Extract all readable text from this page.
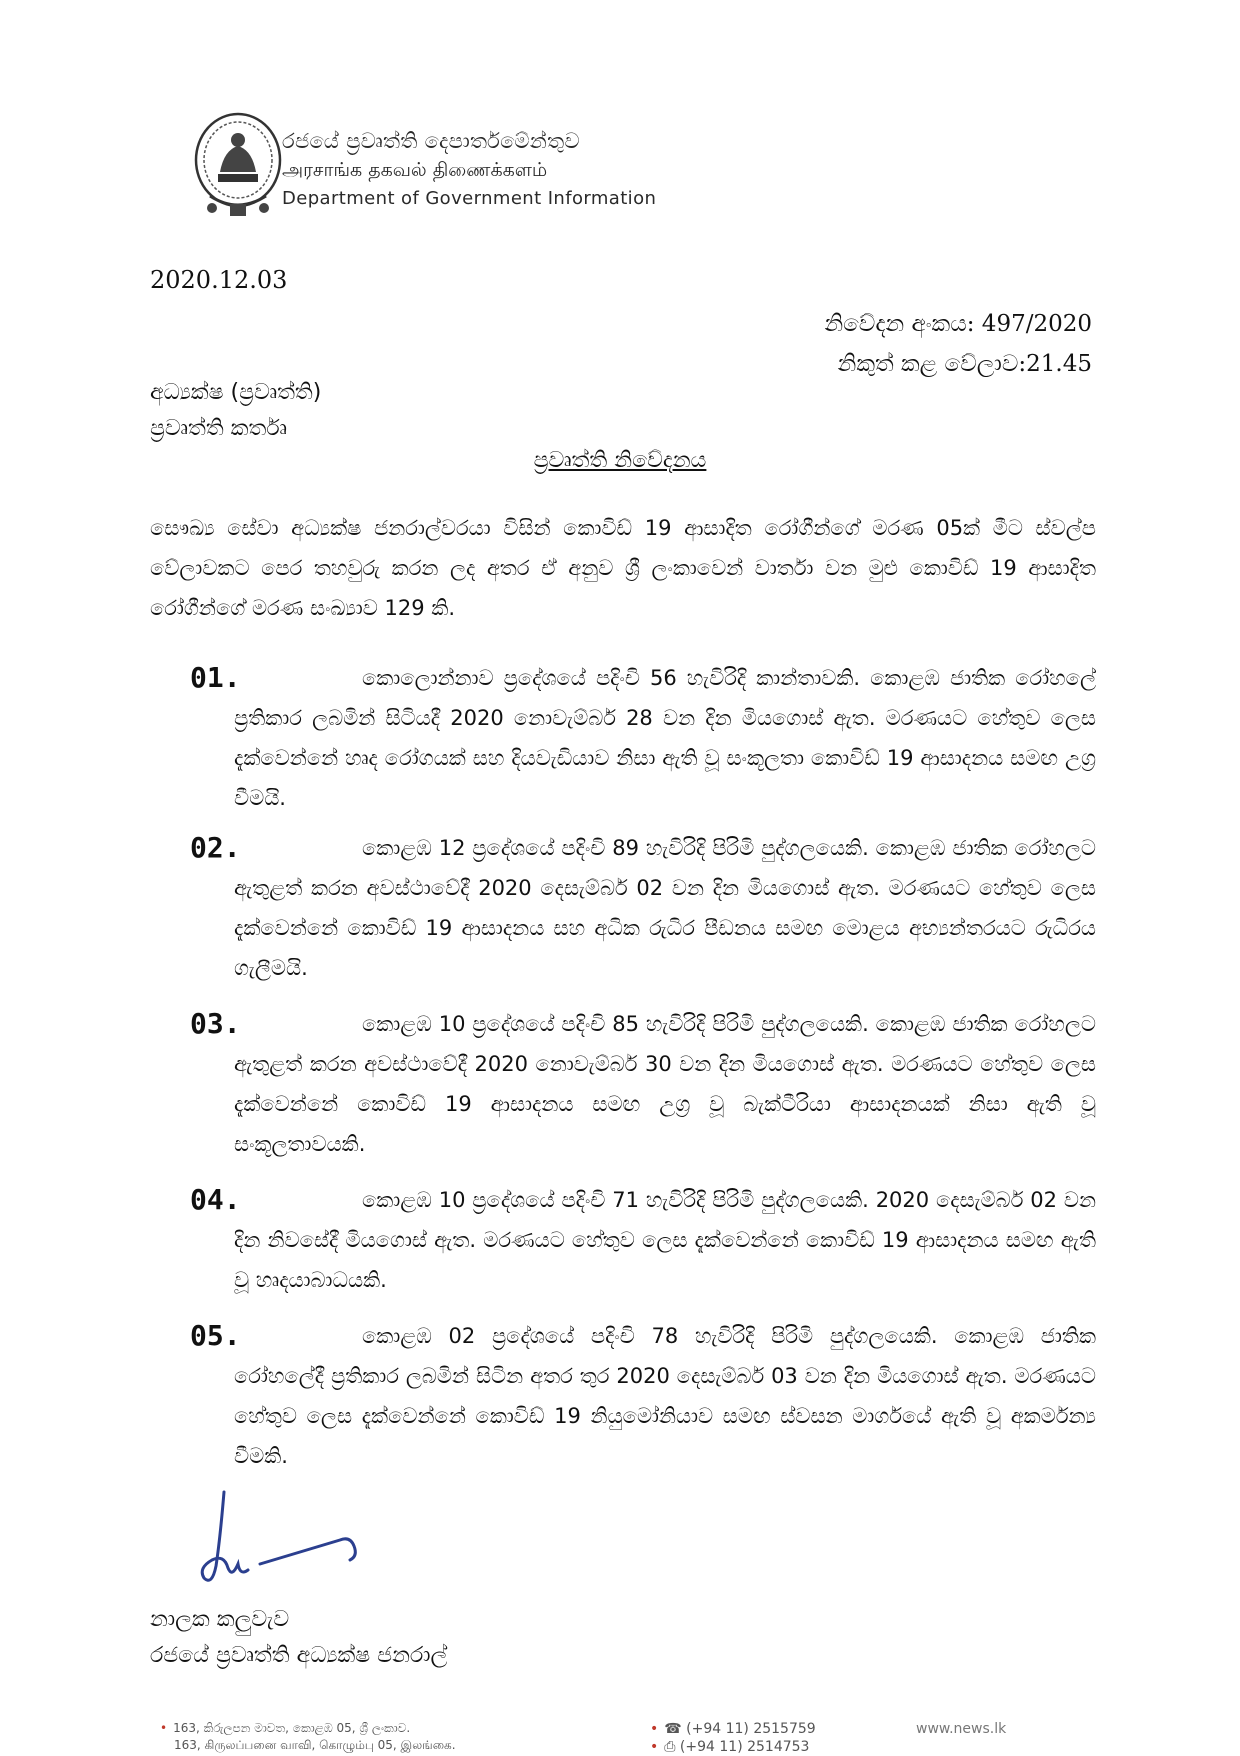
රජයේ ප්‍රවෘත්ති දෙපාර්තමේන්තුව
அரசாங்க தகவல் திணைக்களம்
Department of Government Information
2020.12.03
නිවේදන අංකය: 497/2020
නිකුත් කළ වේලාව:21.45
අධ්‍යක්ෂ (ප්‍රවෘත්ති)
ප්‍රවෘත්ති කර්තෘ
ප්‍රවෘත්ති නිවේදනය
සෞඛ්‍ය සේවා අධ්‍යක්ෂ ජනරාල්වරයා විසින් කොවිඩ් 19 ආසාදිත රෝගීන්ගේ මරණ 05ක් මීට ස්වල්ප වේලාවකට පෙර තහවුරු කරන ලද අතර ඒ අනුව ශ්‍රී ලංකාවෙන් වාර්තා වන මුළු කොවිඩ් 19 ආසාදිත රෝගීන්ගේ මරණ සංඛ්‍යාව 129 කි.
01.	කොලොන්නාව ප්‍රදේශයේ පදිංචි 56 හැවිරිදි කාන්තාවකි. කොළඹ ජාතික රෝහලේ ප්‍රතිකාර ලබමින් සිටියදී 2020 නොවැම්බර් 28 වන දින මියගොස් ඇත. මරණයට හේතුව ලෙස දැක්වෙන්නේ හෘද රෝගයක් සහ දියවැඩියාව නිසා ඇති වූ සංකූලතා කොවිඩ් 19 ආසාදනය සමඟ උග්‍ර වීමයි.
02.	කොළඹ 12 ප්‍රදේශයේ පදිංචි 89 හැවිරිදි පිරිමි පුද්ගලයෙකි. කොළඹ ජාතික රෝහලට ඇතුළත් කරන අවස්ථාවේදී 2020 දෙසැම්බර් 02 වන දින මියගොස් ඇත. මරණයට හේතුව ලෙස දැක්වෙන්නේ කොවිඩ් 19 ආසාදනය සහ අධික රුධිර පීඩනය සමඟ මොළය අභ්‍යන්තරයට රුධිරය ගැලීමයි.
03.	කොළඹ 10 ප්‍රදේශයේ පදිංචි 85 හැවිරිදි පිරිමි පුද්ගලයෙකි. කොළඹ ජාතික රෝහලට ඇතුළත් කරන අවස්ථාවේදී 2020 නොවැම්බර් 30 වන දින මියගොස් ඇත. මරණයට හේතුව ලෙස දැක්වෙන්නේ කොවිඩ් 19 ආසාදනය සමඟ උග්‍ර වූ බැක්ටීරියා ආසාදනයක් නිසා ඇති වූ සංකූලතාවයකි.
04.	කොළඹ 10 ප්‍රදේශයේ පදිංචි 71 හැවිරිදි පිරිමි පුද්ගලයෙකි. 2020 දෙසැම්බර් 02 වන දින නිවසේදී මියගොස් ඇත. මරණයට හේතුව ලෙස දැක්වෙන්නේ කොවිඩ් 19 ආසාදනය සමඟ ඇති වූ හෘදයාබාධයකි.
05.	කොළඹ 02 ප්‍රදේශයේ පදිංචි 78 හැවිරිදි පිරිමි පුද්ගලයෙකි. කොළඹ ජාතික රෝහලේදී ප්‍රතිකාර ලබමින් සිටින අතර තුර 2020 දෙසැම්බර් 03 වන දින මියගොස් ඇත. මරණයට හේතුව ලෙස දැක්වෙන්නේ කොවිඩ් 19 නියුමෝනියාව සමඟ ස්වසන මාර්ගයේ ඇති වූ අකර්මන්‍ය වීමකි.
නාලක කලුවැව
රජයේ ප්‍රවෘත්ති අධ්‍යක්ෂ ජනරාල්
• 163, කිරුලපන මාවත, කොළඹ 05, ශ්‍රී ලංකාව.
163, கிருலப்பனை வாவி, கொழும்பு 05, இலங்கை.
• ☎ (+94 11) 2515759
• ⎙ (+94 11) 2514753
www.news.lk
